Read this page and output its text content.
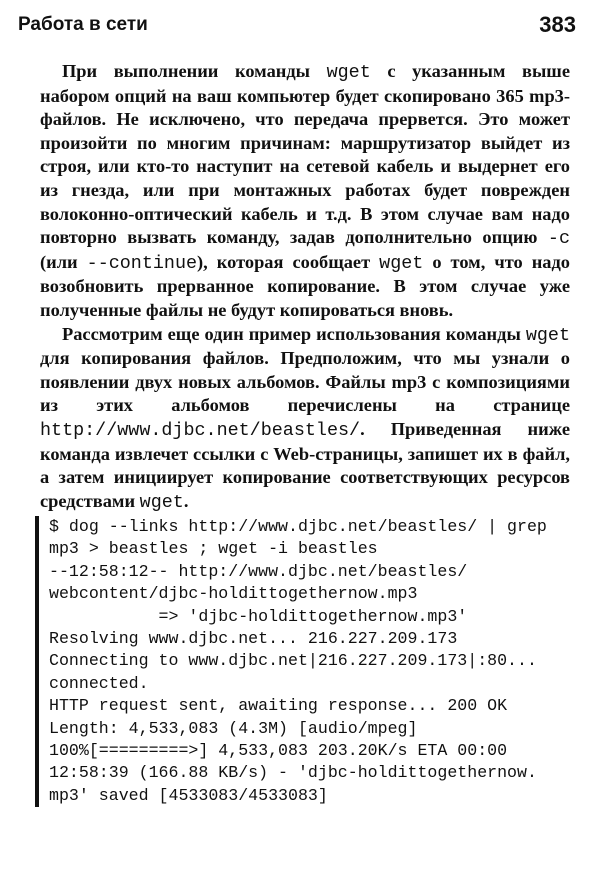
Работа в сети	383

При выполнении команды wget с указанным выше набором опций на ваш компьютер будет скопировано 365 mp3-файлов. Не исключено, что передача прервется. Это может произойти по многим причинам: маршрутизатор выйдет из строя, или кто-то наступит на сетевой кабель и выдернет его из гнезда, или при монтажных работах будет поврежден волоконно-оптический кабель и т.д. В этом случае вам надо повторно вызвать команду, задав дополнительно опцию -c (или --continue), которая сообщает wget о том, что надо возобновить прерванное копирование. В этом случае уже полученные файлы не будут копироваться вновь.

Рассмотрим еще один пример использования команды wget для копирования файлов. Предположим, что мы узнали о появлении двух новых альбомов. Файлы mp3 с композициями из этих альбомов перечислены на странице http://www.djbc.net/beastles/. Приведенная ниже команда извлечет ссылки с Web-страницы, запишет их в файл, а затем инициирует копирование соответствующих ресурсов средствами wget.

$ dog --links http://www.djbc.net/beastles/ | grep
mp3 > beastles ; wget -i beastles
--12:58:12-- http://www.djbc.net/beastles/
webcontent/djbc-holdittogethernow.mp3
=> 'djbc-holdittogethernow.mp3'
Resolving www.djbc.net... 216.227.209.173
Connecting to www.djbc.net|216.227.209.173|:80...
connected.
HTTP request sent, awaiting response... 200 OK
Length: 4,533,083 (4.3M) [audio/mpeg]
100%[=========>] 4,533,083 203.20K/s ETA 00:00
12:58:39 (166.88 KB/s) - 'djbc-holdittogethernow.
mp3' saved [4533083/4533083]
